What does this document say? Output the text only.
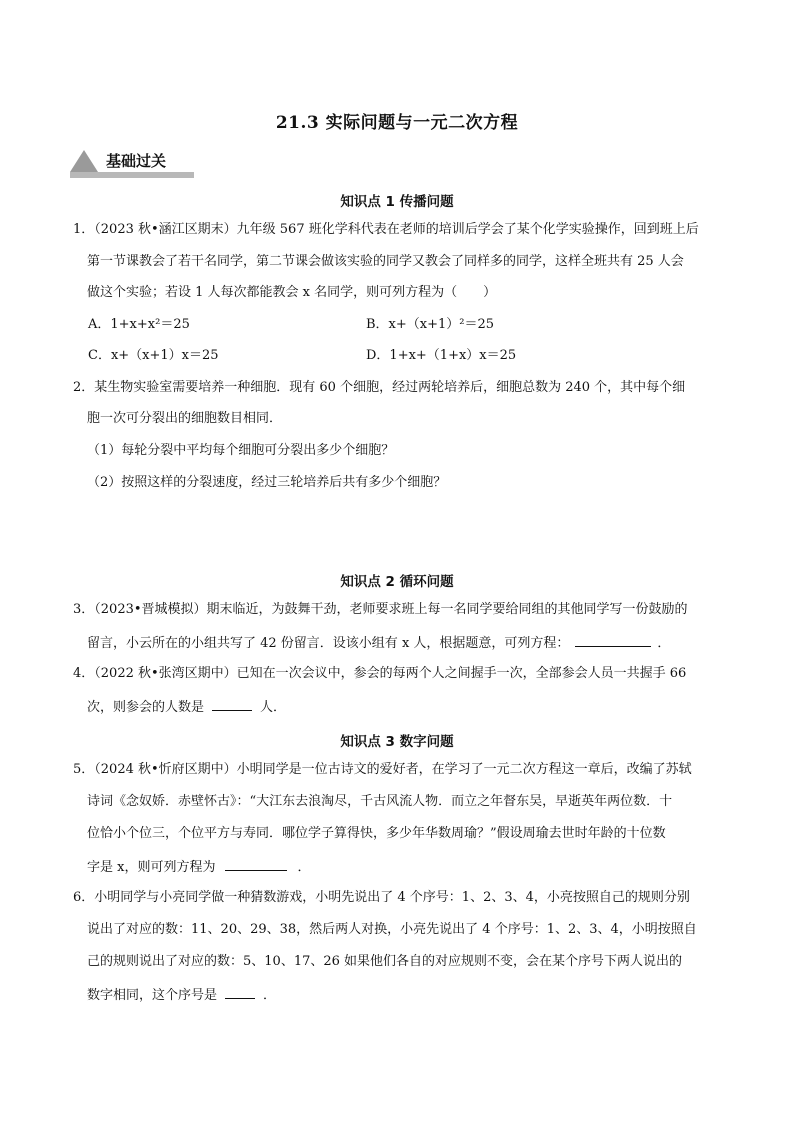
21.3 实际问题与一元二次方程
基础过关
知识点 1 传播问题
1．（2023 秋•涵江区期末）九年级 567 班化学科代表在老师的培训后学会了某个化学实验操作，回到班上后
第一节课教会了若干名同学，第二节课会做该实验的同学又教会了同样多的同学，这样全班共有 25 人会
做这个实验；若设 1 人每次都能教会 x 名同学，则可列方程为（　　）
A．1+x+x²＝25	B．x+（x+1）²＝25
C．x+（x+1）x＝25	D．1+x+（1+x）x＝25
2．某生物实验室需要培养一种细胞．现有 60 个细胞，经过两轮培养后，细胞总数为 240 个，其中每个细
胞一次可分裂出的细胞数目相同．
（1）每轮分裂中平均每个细胞可分裂出多少个细胞？
（2）按照这样的分裂速度，经过三轮培养后共有多少个细胞？
知识点 2 循环问题
3．（2023•晋城模拟）期末临近，为鼓舞干劲，老师要求班上每一名同学要给同组的其他同学写一份鼓励的
留言，小云所在的小组共写了 42 份留言．设该小组有 x 人，根据题意，可列方程：	．
4．（2022 秋•张湾区期中）已知在一次会议中，参会的每两个人之间握手一次，全部参会人员一共握手 66
次，则参会的人数是	人．
知识点 3 数字问题
5．（2024 秋•忻府区期中）小明同学是一位古诗文的爱好者，在学习了一元二次方程这一章后，改编了苏轼
诗词《念奴娇．赤壁怀古》：“大江东去浪淘尽，千古风流人物．而立之年督东吴，早逝英年两位数．十
位恰小个位三，个位平方与寿同．哪位学子算得快，多少年华数周瑜？”假设周瑜去世时年龄的十位数
字是 x，则可列方程为	．
6．小明同学与小亮同学做一种猜数游戏，小明先说出了 4 个序号：1、2、3、4，小亮按照自己的规则分别
说出了对应的数：11、20、29、38，然后两人对换，小亮先说出了 4 个序号：1、2、3、4，小明按照自
己的规则说出了对应的数：5、10、17、26 如果他们各自的对应规则不变，会在某个序号下两人说出的
数字相同，这个序号是	．
